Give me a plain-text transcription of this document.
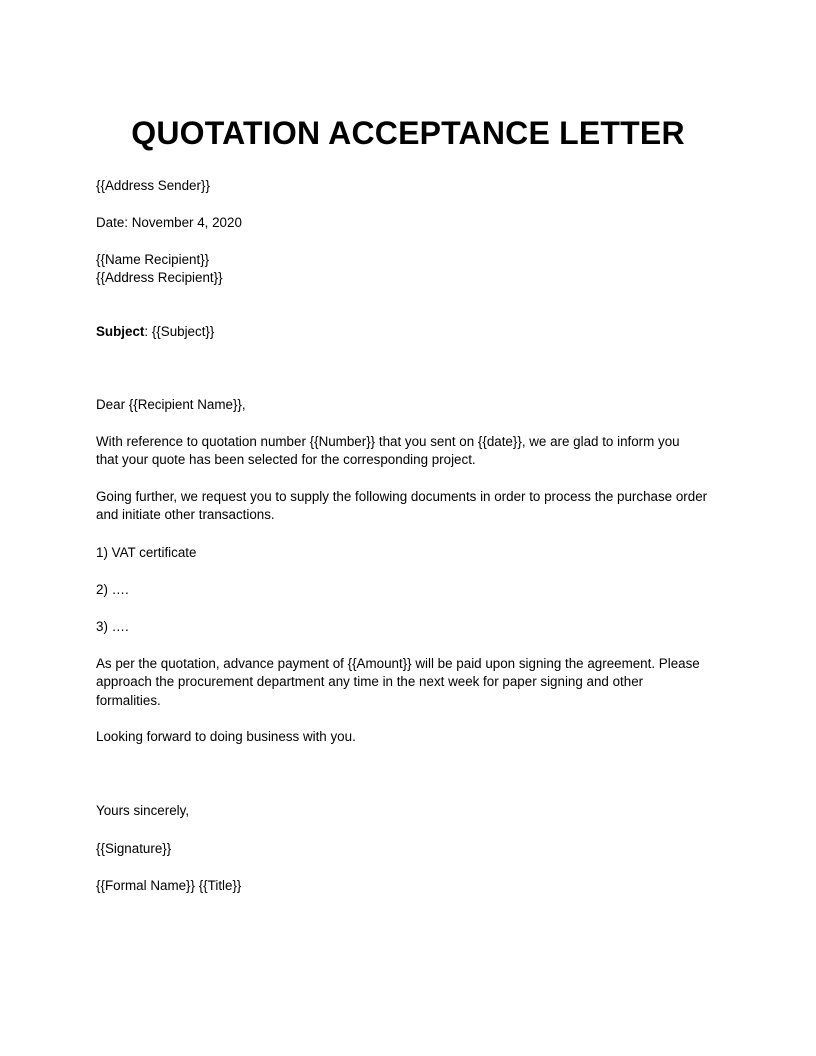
QUOTATION ACCEPTANCE LETTER
{{Address Sender}}
Date: November 4, 2020
{{Name Recipient}}
{{Address Recipient}}
Subject: {{Subject}}
Dear {{Recipient Name}},
With reference to quotation number {{Number}} that you sent on {{date}}, we are glad to inform you
that your quote has been selected for the corresponding project.
Going further, we request you to supply the following documents in order to process the purchase order
and initiate other transactions.
1) VAT certificate
2) ….
3) ….
As per the quotation, advance payment of {{Amount}} will be paid upon signing the agreement. Please
approach the procurement department any time in the next week for paper signing and other
formalities.
Looking forward to doing business with you.
Yours sincerely,
{{Signature}}
{{Formal Name}} {{Title}}
